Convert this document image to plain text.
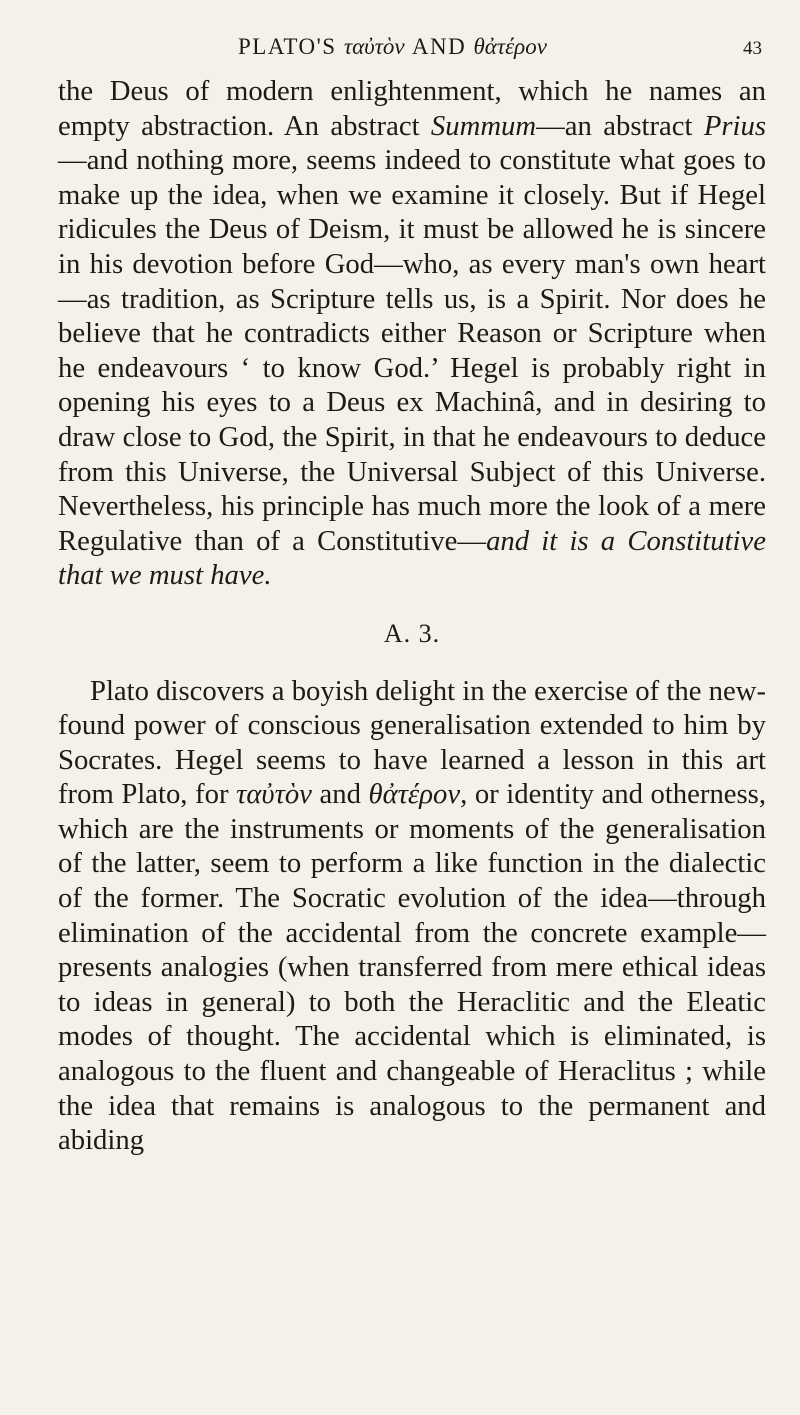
PLATO'S ταὐτὸν AND θἀτέρον	43

the Deus of modern enlightenment, which he names an empty abstraction. An abstract Summum—an abstract Prius—and nothing more, seems indeed to constitute what goes to make up the idea, when we examine it closely. But if Hegel ridicules the Deus of Deism, it must be allowed he is sincere in his devotion before God—who, as every man's own heart—as tradition, as Scripture tells us, is a Spirit. Nor does he believe that he contradicts either Reason or Scripture when he endeavours ‘ to know God.’ Hegel is probably right in opening his eyes to a Deus ex Machinâ, and in desiring to draw close to God, the Spirit, in that he endeavours to deduce from this Universe, the Universal Subject of this Universe. Nevertheless, his principle has much more the look of a mere Regulative than of a Constitutive—and it is a Constitutive that we must have.

A. 3.

Plato discovers a boyish delight in the exercise of the new-found power of conscious generalisation extended to him by Socrates. Hegel seems to have learned a lesson in this art from Plato, for ταὐτὸν and θἀτέρον, or identity and otherness, which are the instruments or moments of the generalisation of the latter, seem to perform a like function in the dialectic of the former. The Socratic evolution of the idea—through elimination of the accidental from the concrete example—presents analogies (when transferred from mere ethical ideas to ideas in general) to both the Heraclitic and the Eleatic modes of thought. The accidental which is eliminated, is analogous to the fluent and changeable of Heraclitus ; while the idea that remains is analogous to the permanent and abiding
